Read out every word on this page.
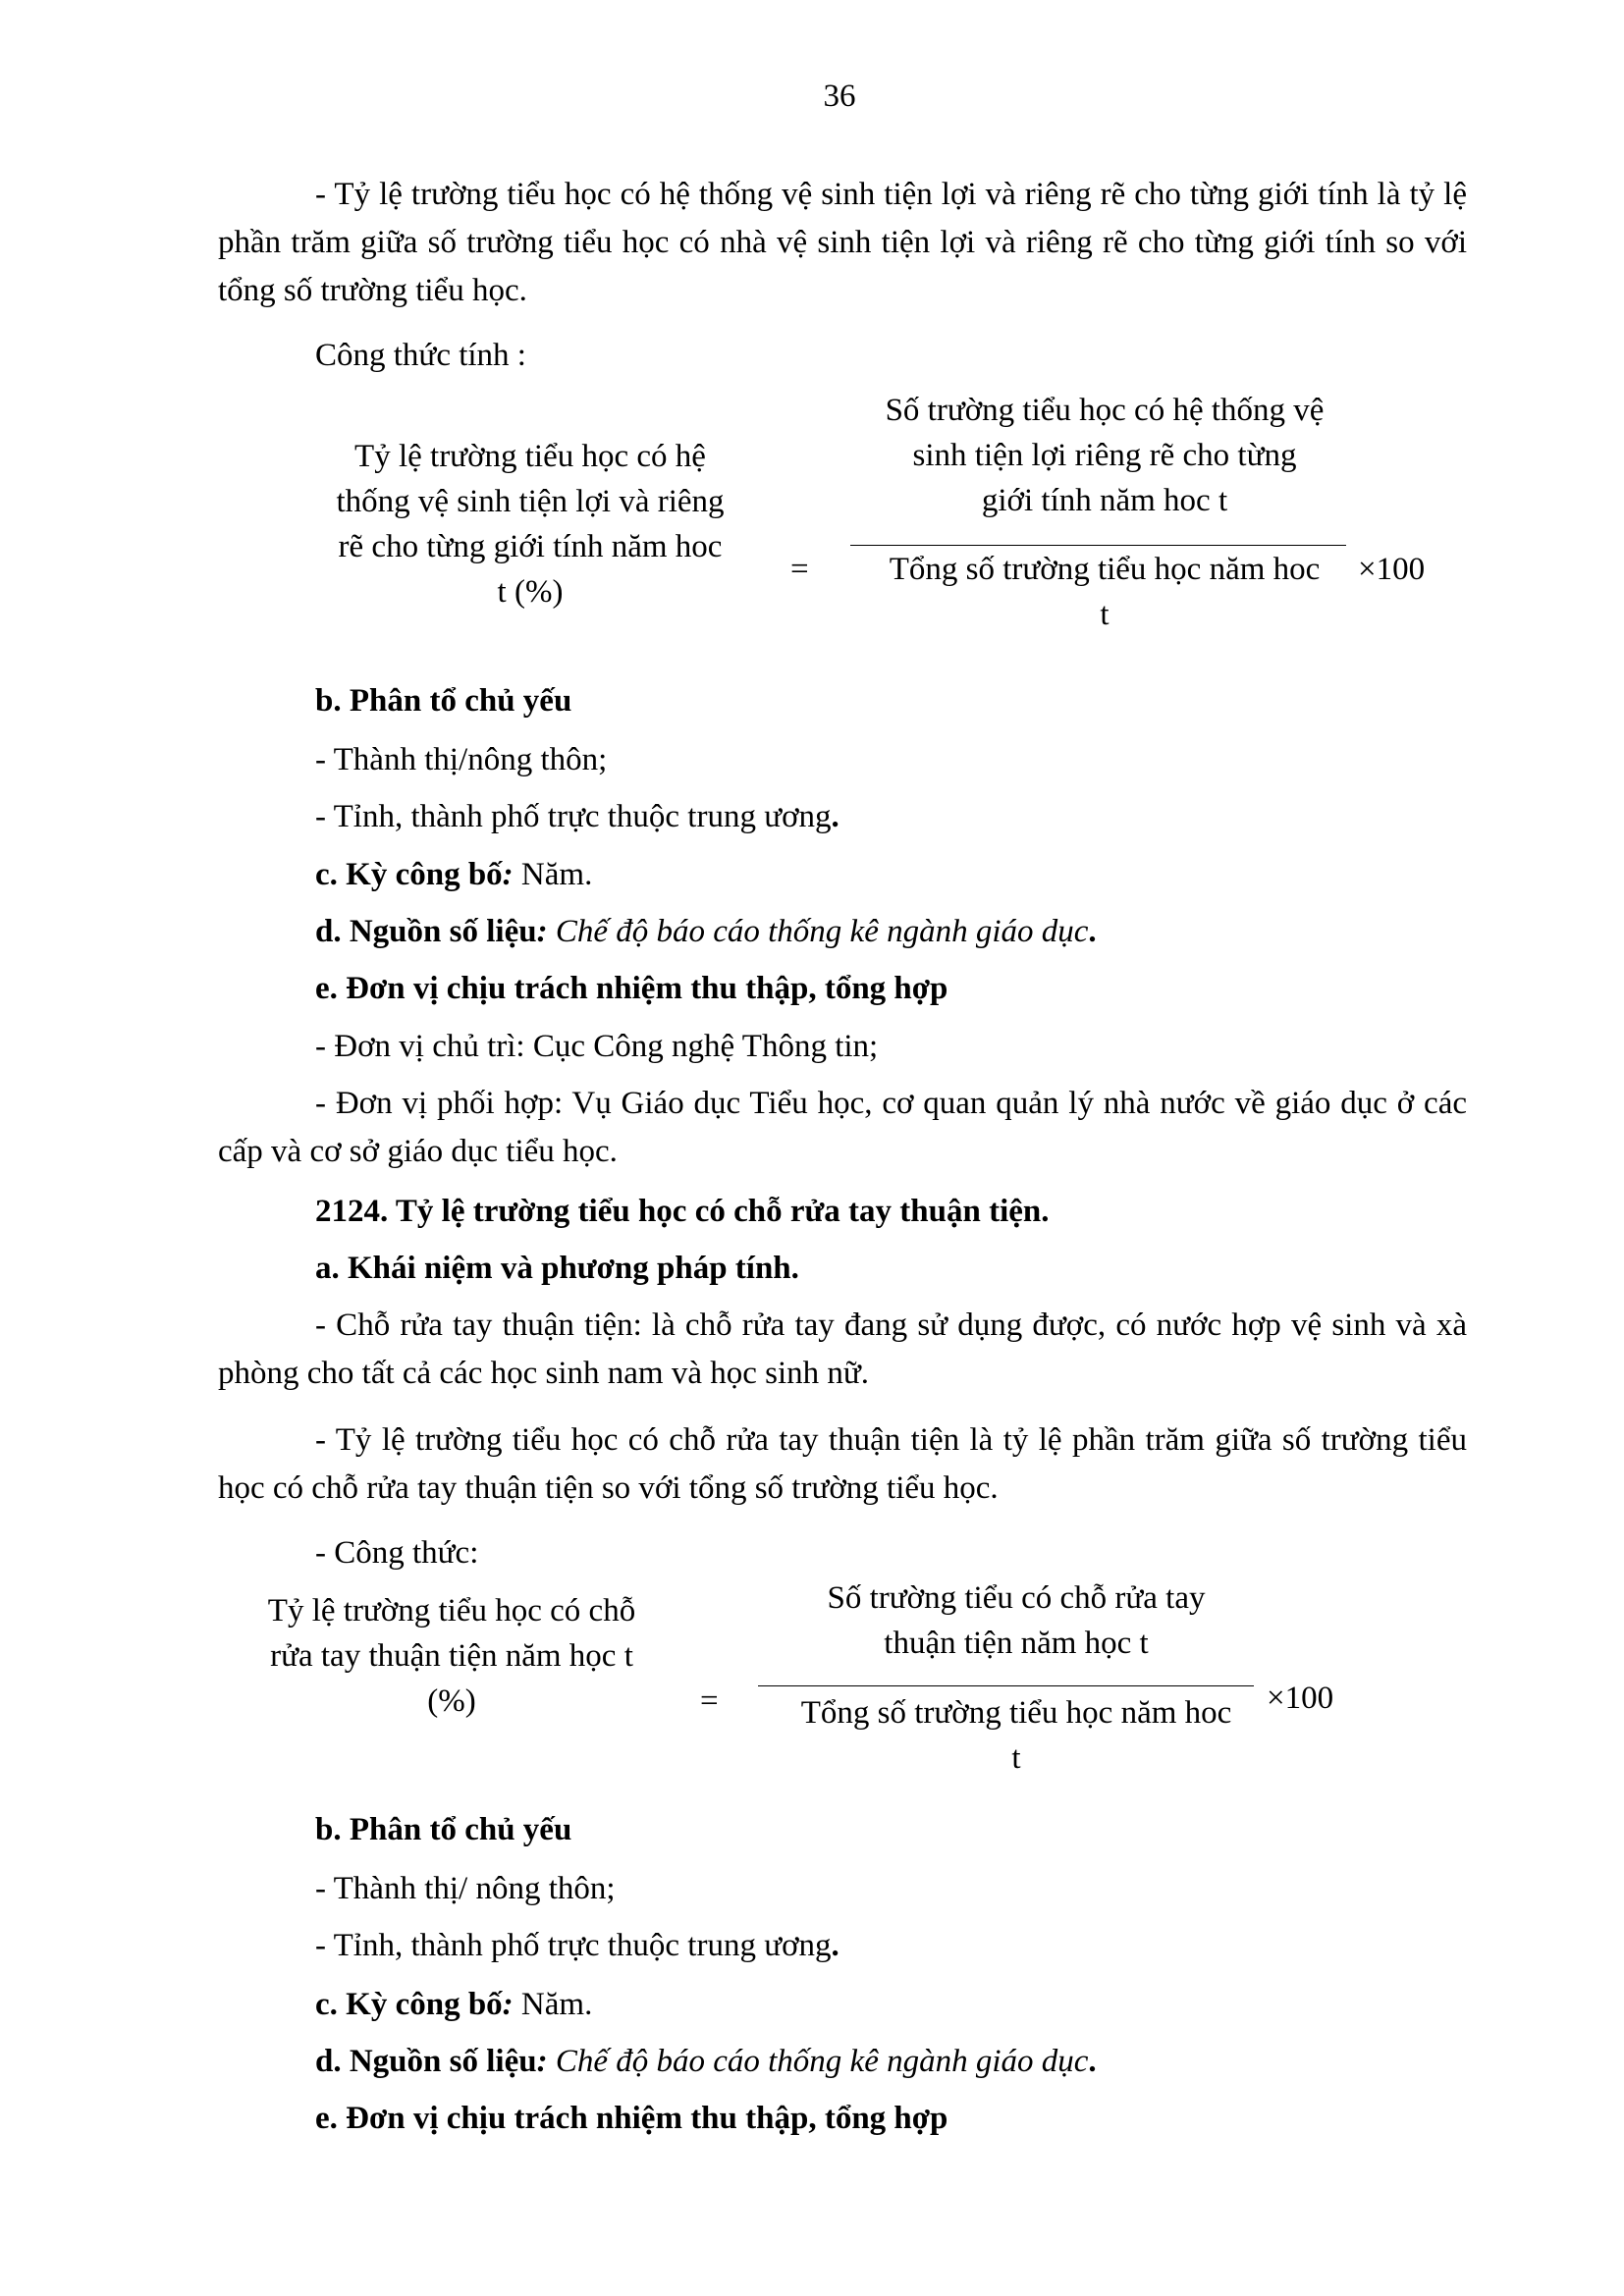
36

- Tỷ lệ trường tiểu học có hệ thống vệ sinh tiện lợi và riêng rẽ cho từng giới tính là tỷ lệ phần trăm giữa số trường tiểu học có nhà vệ sinh tiện lợi và riêng rẽ cho từng giới tính so với tổng số trường tiểu học.

Công thức tính :

Tỷ lệ trường tiểu học có hệ
thống vệ sinh tiện lợi và riêng
rẽ cho từng giới tính năm hoc
t (%)
=
Số trường tiểu học có hệ thống vệ
sinh tiện lợi riêng rẽ cho từng
giới tính năm hoc t
Tổng số trường tiểu học năm hoc
t
×100

b. Phân tổ chủ yếu

- Thành thị/nông thôn;

- Tỉnh, thành phố trực thuộc trung ương.

c. Kỳ công bố: Năm.

d. Nguồn số liệu: Chế độ báo cáo thống kê ngành giáo dục.

e. Đơn vị chịu trách nhiệm thu thập, tổng hợp

- Đơn vị chủ trì: Cục Công nghệ Thông tin;

- Đơn vị phối hợp: Vụ Giáo dục Tiểu học, cơ quan quản lý nhà nước về giáo dục ở các cấp và cơ sở giáo dục tiểu học.

2124. Tỷ lệ trường tiểu học có chỗ rửa tay thuận tiện.

a. Khái niệm và phương pháp tính.

- Chỗ rửa tay thuận tiện: là chỗ rửa tay đang sử dụng được, có nước hợp vệ sinh và xà phòng cho tất cả các học sinh nam và học sinh nữ.

- Tỷ lệ trường tiểu học có chỗ rửa tay thuận tiện là tỷ lệ phần trăm giữa số trường tiểu học có chỗ rửa tay thuận tiện so với tổng số trường tiểu học.

- Công thức:

Tỷ lệ trường tiểu học có chỗ
rửa tay thuận tiện năm học t
(%)	=
Số trường tiểu có chỗ rửa tay
thuận tiện năm học t
Tổng số trường tiểu học năm hoc
t
×100

b. Phân tổ chủ yếu

- Thành thị/ nông thôn;

- Tỉnh, thành phố trực thuộc trung ương.

c. Kỳ công bố: Năm.

d. Nguồn số liệu: Chế độ báo cáo thống kê ngành giáo dục.

e. Đơn vị chịu trách nhiệm thu thập, tổng hợp
